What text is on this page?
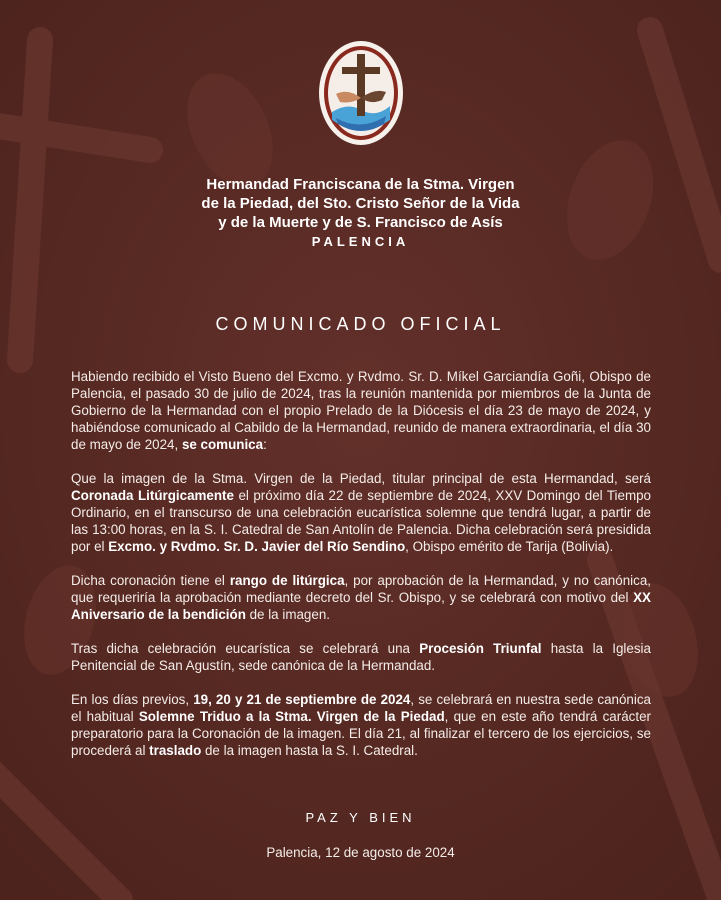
Hermandad Franciscana de la Stma. Virgen
de la Piedad, del Sto. Cristo Señor de la Vida
y de la Muerte y de S. Francisco de Asís
PALENCIA
COMUNICADO OFICIAL

Habiendo recibido el Visto Bueno del Excmo. y Rvdmo. Sr. D. Míkel Garciandía Goñi, Obispo de Palencia, el pasado 30 de julio de 2024, tras la reunión mantenida por miembros de la Junta de Gobierno de la Hermandad con el propio Prelado de la Diócesis el día 23 de mayo de 2024, y habiéndose comunicado al Cabildo de la Hermandad, reunido de manera extraordinaria, el día 30 de mayo de 2024, se comunica:

Que la imagen de la Stma. Virgen de la Piedad, titular principal de esta Hermandad, será Coronada Litúrgicamente el próximo día 22 de septiembre de 2024, XXV Domingo del Tiempo Ordinario, en el transcurso de una celebración eucarística solemne que tendrá lugar, a partir de las 13:00 horas, en la S. I. Catedral de San Antolín de Palencia. Dicha celebración será presidida por el Excmo. y Rvdmo. Sr. D. Javier del Río Sendino, Obispo emérito de Tarija (Bolivia).

Dicha coronación tiene el rango de litúrgica, por aprobación de la Hermandad, y no canónica, que requeriría la aprobación mediante decreto del Sr. Obispo, y se celebrará con motivo del XX Aniversario de la bendición de la imagen.

Tras dicha celebración eucarística se celebrará una Procesión Triunfal hasta la Iglesia Penitencial de San Agustín, sede canónica de la Hermandad.

En los días previos, 19, 20 y 21 de septiembre de 2024, se celebrará en nuestra sede canónica el habitual Solemne Triduo a la Stma. Virgen de la Piedad, que en este año tendrá carácter preparatorio para la Coronación de la imagen. El día 21, al finalizar el tercero de los ejercicios, se procederá al traslado de la imagen hasta la S. I. Catedral.

PAZ Y BIEN
Palencia, 12 de agosto de 2024
